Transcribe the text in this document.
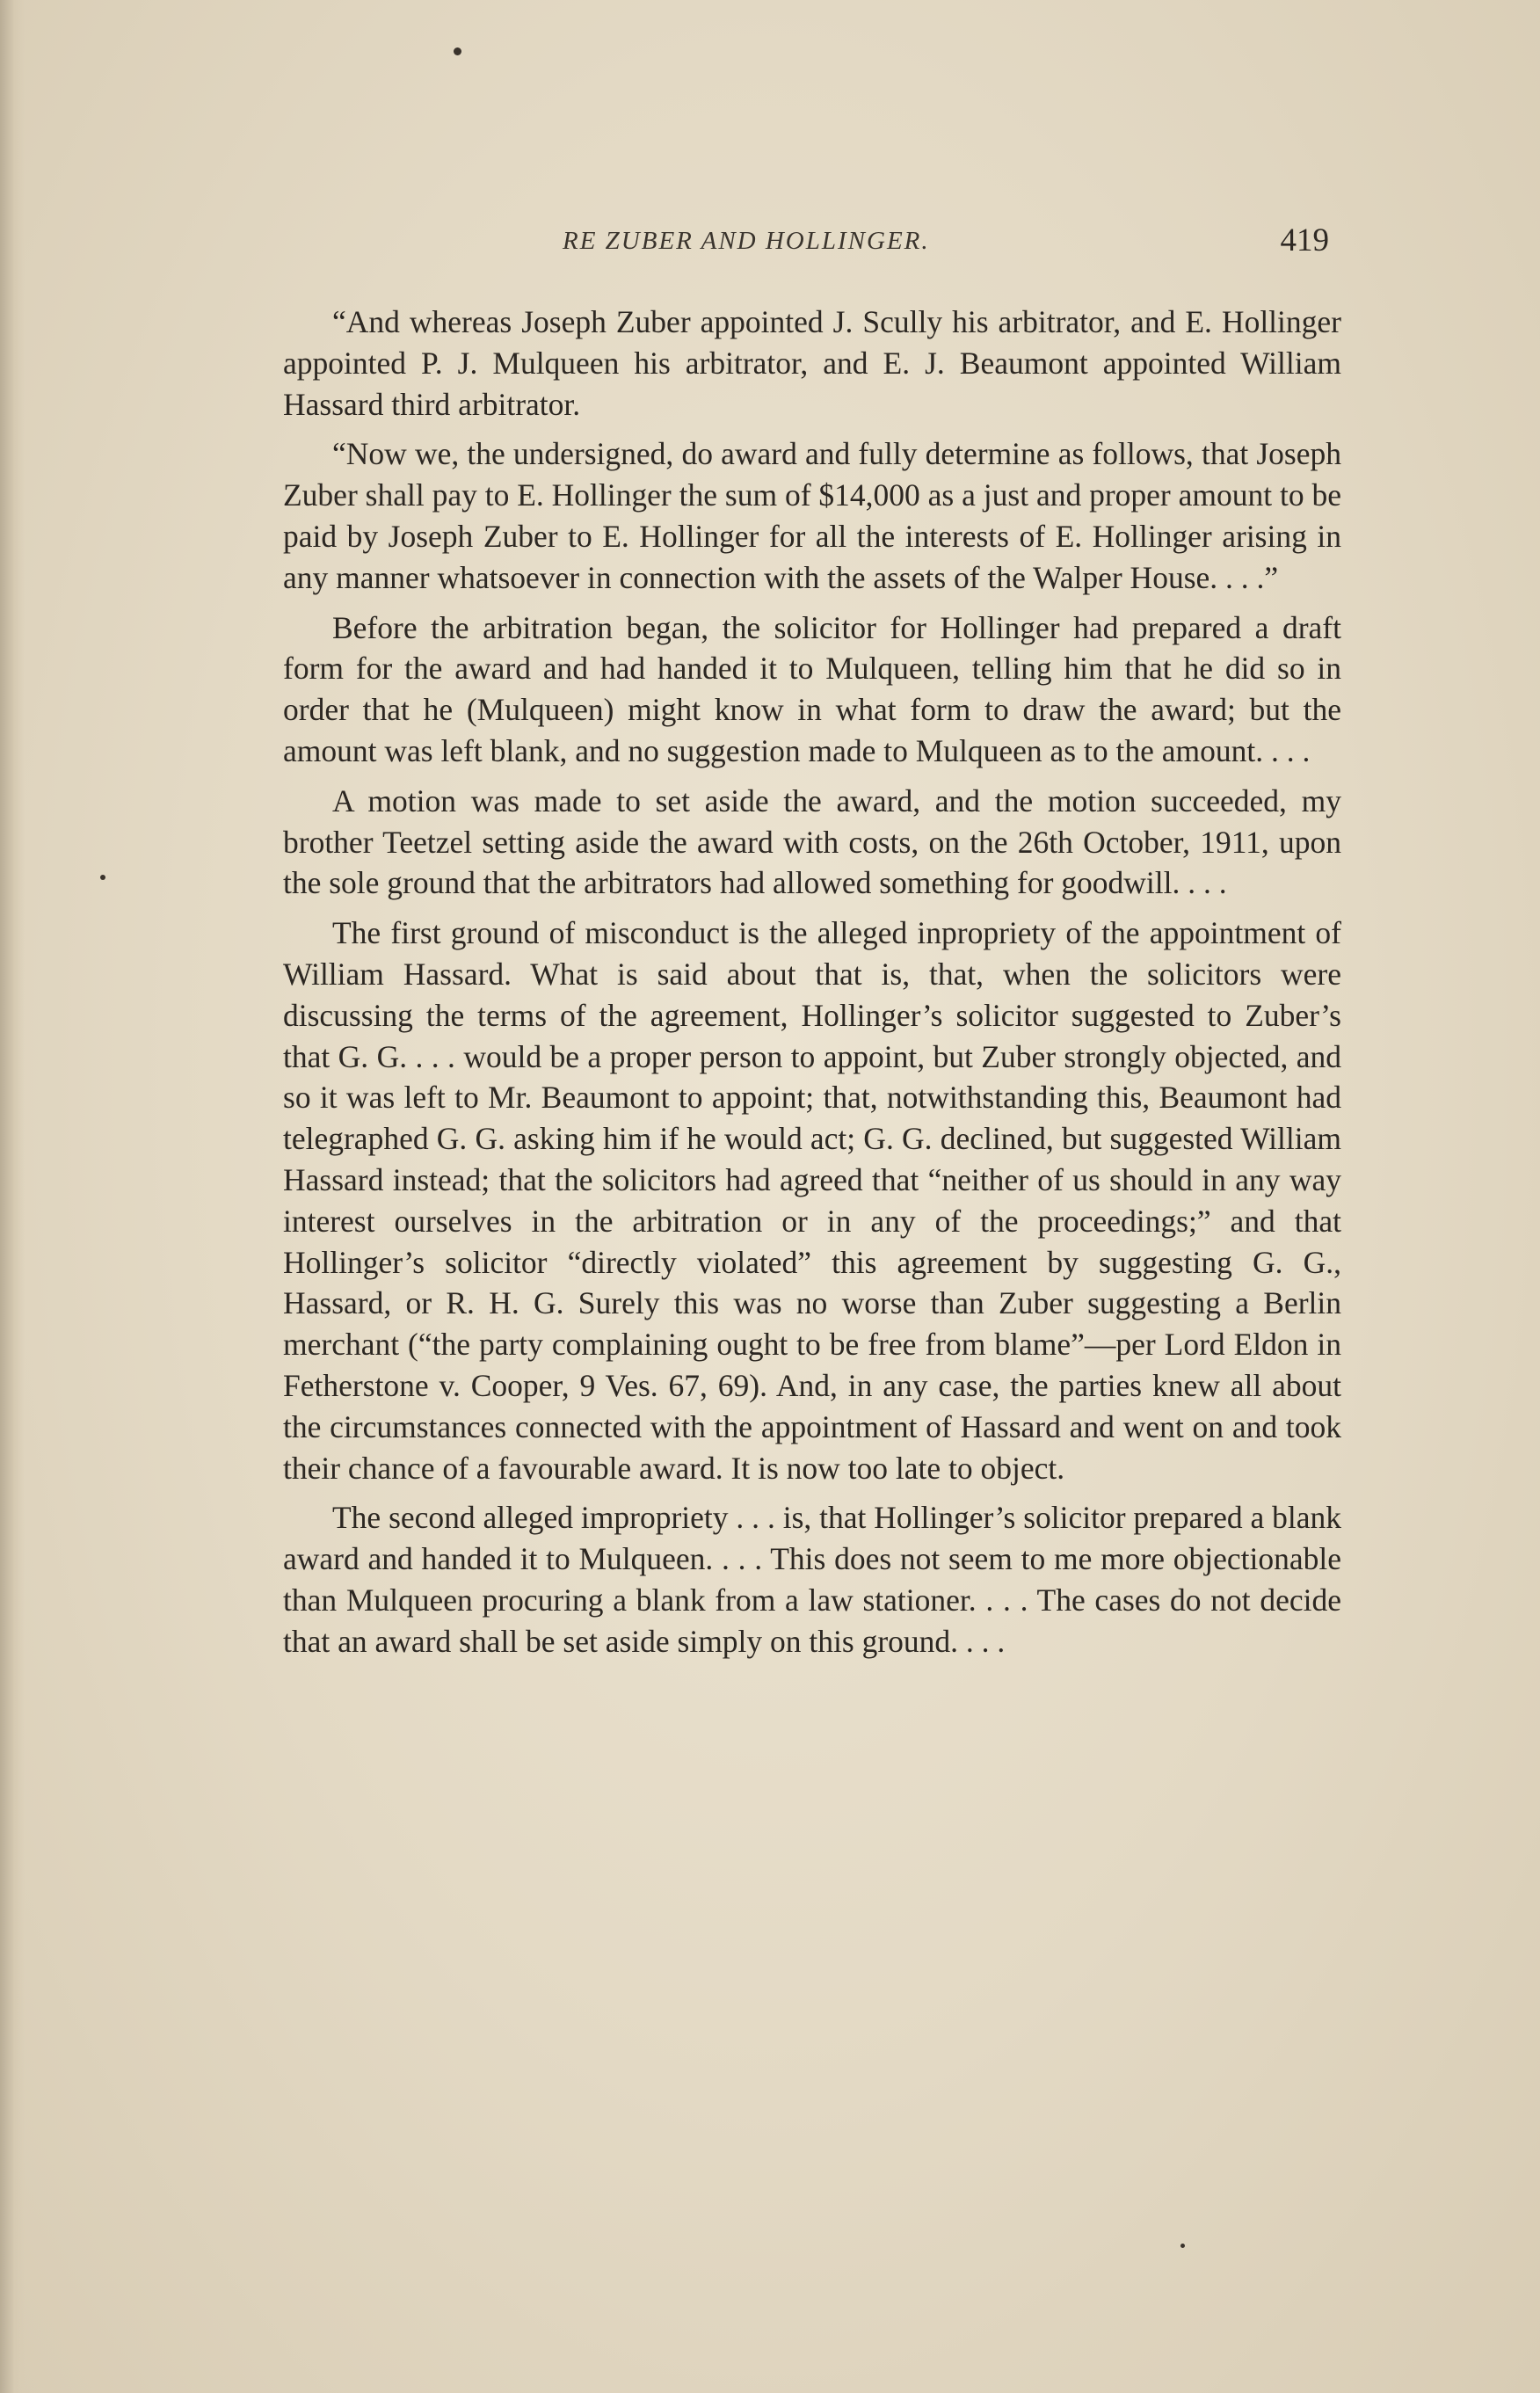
RE ZUBER AND HOLLINGER.	419

“And whereas Joseph Zuber appointed J. Scully his arbitrator, and E. Hollinger appointed P. J. Mulqueen his arbitrator, and E. J. Beaumont appointed William Hassard third arbitrator.

“Now we, the undersigned, do award and fully determine as follows, that Joseph Zuber shall pay to E. Hollinger the sum of $14,000 as a just and proper amount to be paid by Joseph Zuber to E. Hollinger for all the interests of E. Hollinger arising in any manner whatsoever in connection with the assets of the Walper House. . . .”

Before the arbitration began, the solicitor for Hollinger had prepared a draft form for the award and had handed it to Mulqueen, telling him that he did so in order that he (Mulqueen) might know in what form to draw the award; but the amount was left blank, and no suggestion made to Mulqueen as to the amount. . . .

A motion was made to set aside the award, and the motion succeeded, my brother Teetzel setting aside the award with costs, on the 26th October, 1911, upon the sole ground that the arbitrators had allowed something for goodwill. . . .

The first ground of misconduct is the alleged inpropriety of the appointment of William Hassard. What is said about that is, that, when the solicitors were discussing the terms of the agreement, Hollinger’s solicitor suggested to Zuber’s that G. G. . . . would be a proper person to appoint, but Zuber strongly objected, and so it was left to Mr. Beaumont to appoint; that, notwithstanding this, Beaumont had telegraphed G. G. asking him if he would act; G. G. declined, but suggested William Hassard instead; that the solicitors had agreed that “neither of us should in any way interest ourselves in the arbitration or in any of the proceedings;” and that Hollinger’s solicitor “directly violated” this agreement by suggesting G. G., Hassard, or R. H. G. Surely this was no worse than Zuber suggesting a Berlin merchant (“the party complaining ought to be free from blame”—per Lord Eldon in Fetherstone v. Cooper, 9 Ves. 67, 69). And, in any case, the parties knew all about the circumstances connected with the appointment of Hassard and went on and took their chance of a favourable award. It is now too late to object.

The second alleged impropriety . . . is, that Hollinger’s solicitor prepared a blank award and handed it to Mulqueen. . . . This does not seem to me more objectionable than Mulqueen procuring a blank from a law stationer. . . . The cases do not decide that an award shall be set aside simply on this ground. . . .
